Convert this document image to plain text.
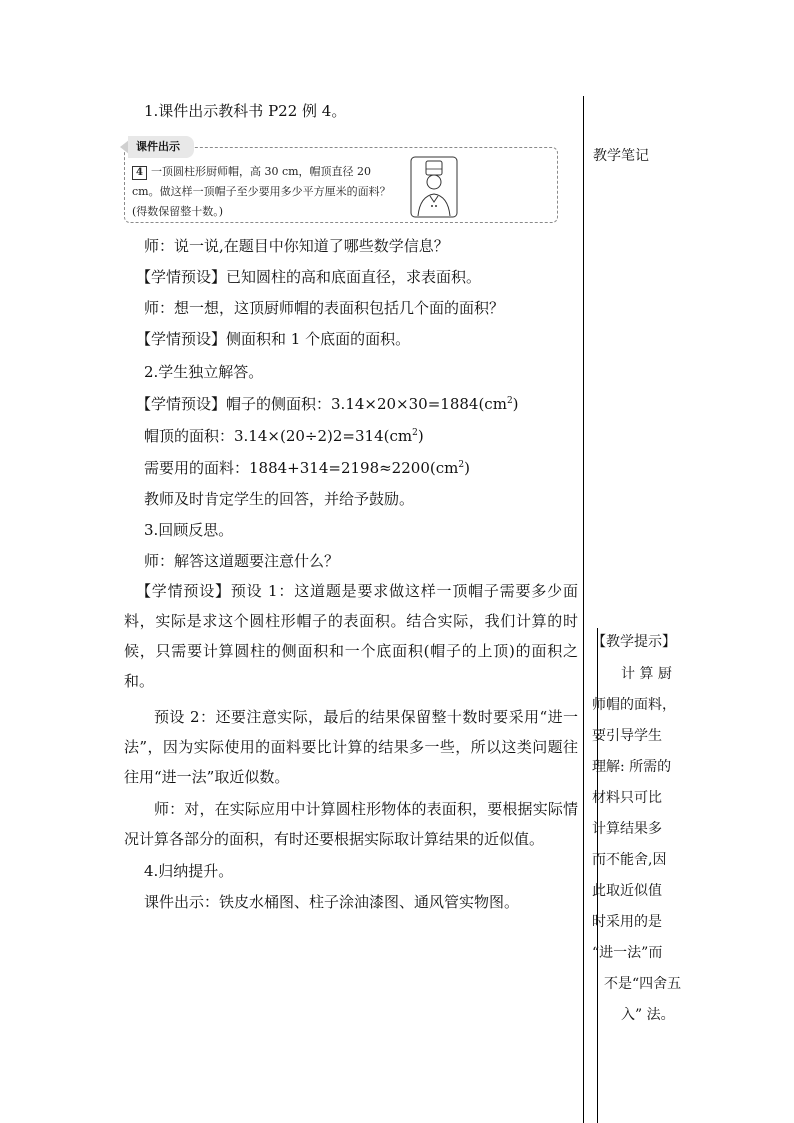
1.课件出示教科书 P22 例 4。
课件出示
4 一顶圆柱形厨师帽，高 30 cm，帽顶直径 20 cm。做这样一顶帽子至少要用多少平方厘米的面料？(得数保留整十数。)
师：说一说,在题目中你知道了哪些数学信息？
【学情预设】已知圆柱的高和底面直径，求表面积。
师：想一想，这顶厨师帽的表面积包括几个面的面积？
【学情预设】侧面积和 1 个底面的面积。
2.学生独立解答。
【学情预设】帽子的侧面积：$3.14\times 20\times 30=1884(cm^2)$
帽顶的面积：$3.14\times(20\div 2)2=314(cm^2)$
需要用的面料：$1884+314=2198\approx 2200(cm^2)$
教师及时肯定学生的回答，并给予鼓励。
3.回顾反思。
师：解答这道题要注意什么？
【学情预设】预设 1：这道题是要求做这样一顶帽子需要多少面料，实际是求这个圆柱形帽子的表面积。结合实际，我们计算的时候，只需要计算圆柱的侧面积和一个底面积(帽子的上顶)的面积之和。
预设 2：还要注意实际，最后的结果保留整十数时要采用“进一法”，因为实际使用的面料要比计算的结果多一些，所以这类问题往往用“进一法”取近似数。
师：对，在实际应用中计算圆柱形物体的表面积，要根据实际情况计算各部分的面积，有时还要根据实际取计算结果的近似值。
4.归纳提升。
课件出示：铁皮水桶图、柱子涂油漆图、通风管实物图。
教学笔记
【教学提示】
计 算 厨
师帽的面料，
要引导学生
理解: 所需的
材料只可比
计算结果多
而不能舍,因
此取近似值
时采用的是
“进一法”而
不是“四舍五
入” 法。
